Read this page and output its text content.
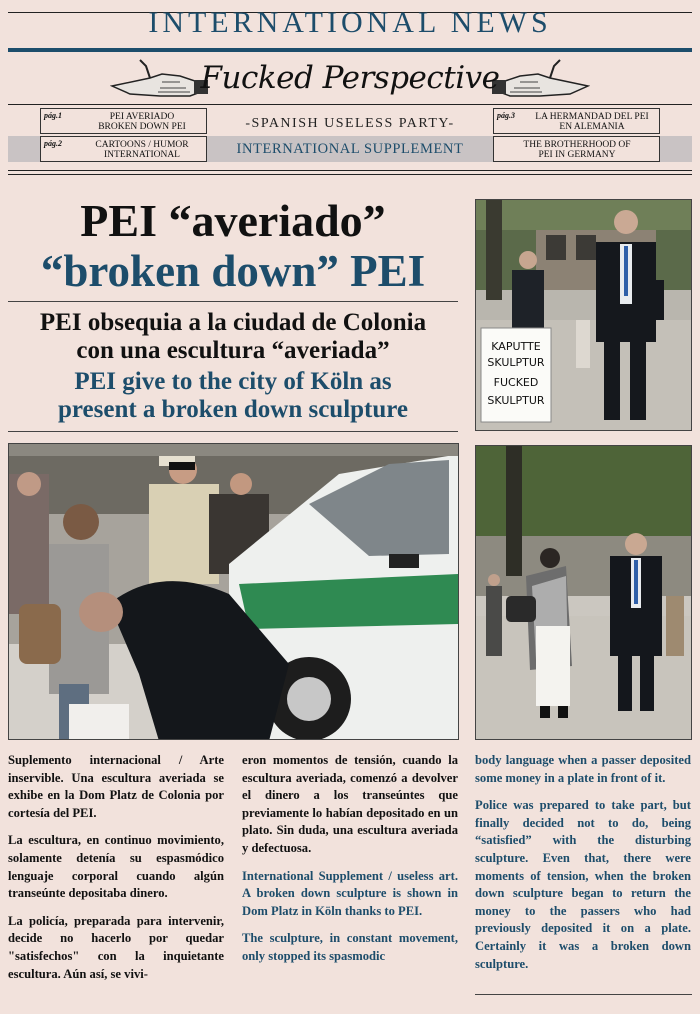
INTERNATIONAL NEWS
Fucked Perspective
pág.1	PEI AVERIADO
BROKEN DOWN PEI
pág.2	CARTOONS / HUMOR
INTERNATIONAL
pág.3	LA HERMANDAD DEL PEI
EN ALEMANIA
THE BROTHERHOOD OF
PEI IN GERMANY
-SPANISH USELESS PARTY-
INTERNATIONAL SUPPLEMENT
PEI “averiado”
“broken down” PEI
PEI obsequia a la ciudad de Colonia
con una escultura “averiada”
PEI give to the city of Köln as
present a broken down sculpture
KAPUTTE
SKULPTUR
FUCKED
SKULPTUR

Suplemento internacional / Arte inservible. Una escultura averiada se exhibe en la Dom Platz de Colonia por cortesía del PEI.

La escultura, en continuo movimiento, solamente detenía su espasmódico lenguaje corporal cuando algún transeúnte depositaba dinero.

La policía, preparada para intervenir, decide no hacerlo por quedar "satisfechos" con la inquietante escultura. Aún así, se vivi-

eron momentos de tensión, cuando la escultura averiada, comenzó a devolver el dinero a los transeúntes que previamente lo habían depositado en un plato. Sin duda, una escultura averiada y defectuosa.

International Supplement / useless art. A broken down sculpture is shown in Dom Platz in Köln thanks to PEI.

The sculpture, in constant movement, only stopped its spasmodic

body language when a passer deposited some money in a plate in front of it.

Police was prepared to take part, but finally decided not to do, being “satisfied” with the disturbing sculpture. Even that, there were moments of tension, when the broken down sculpture began to return the money to the passers who had previously deposited it on a plate. Certainly it was a broken down sculpture.
